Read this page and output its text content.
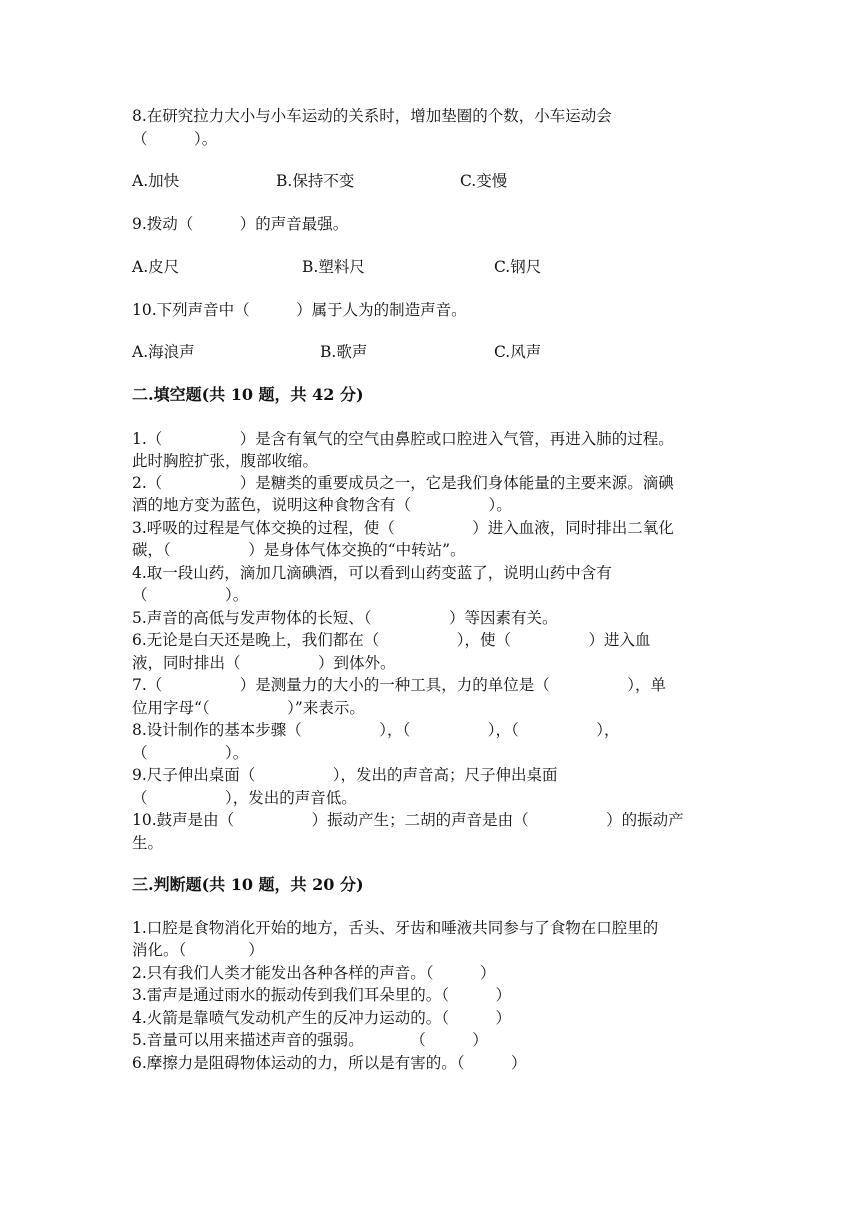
8.在研究拉力大小与小车运动的关系时，增加垫圈的个数，小车运动会
（　　　）。
A.加快	B.保持不变	C.变慢
9.拨动（　　　）的声音最强。
A.皮尺	B.塑料尺	C.钢尺
10.下列声音中（　　　）属于人为的制造声音。
A.海浪声	B.歌声	C.风声
二.填空题(共 10 题，共 42 分)
1.（　　　　　）是含有氧气的空气由鼻腔或口腔进入气管，再进入肺的过程。
此时胸腔扩张，腹部收缩。
2.（　　　　　）是糖类的重要成员之一，它是我们身体能量的主要来源。滴碘
酒的地方变为蓝色，说明这种食物含有（　　　　　）。
3.呼吸的过程是气体交换的过程，使（　　　　　）进入血液，同时排出二氧化
碳，（　　　　　）是身体气体交换的“中转站”。
4.取一段山药，滴加几滴碘酒，可以看到山药变蓝了，说明山药中含有
（　　　　　）。
5.声音的高低与发声物体的长短、（　　　　　）等因素有关。
6.无论是白天还是晚上，我们都在（　　　　　），使（　　　　　）进入血
液，同时排出（　　　　　）到体外。
7.（　　　　　）是测量力的大小的一种工具，力的单位是（　　　　　），单
位用字母“（　　　　　）”来表示。
8.设计制作的基本步骤（　　　　　），（　　　　　），（　　　　　），
（　　　　　）。
9.尺子伸出桌面（　　　　　），发出的声音高；尺子伸出桌面
（　　　　　），发出的声音低。
10.鼓声是由（　　　　　）振动产生；二胡的声音是由（　　　　　）的振动产
生。
三.判断题(共 10 题，共 20 分)
1.口腔是食物消化开始的地方，舌头、牙齿和唾液共同参与了食物在口腔里的
消化。（　　　　）
2.只有我们人类才能发出各种各样的声音。（　　　）
3.雷声是通过雨水的振动传到我们耳朵里的。（　　　）
4.火箭是靠喷气发动机产生的反冲力运动的。（　　　）
5.音量可以用来描述声音的强弱。　　　　（　　　）
6.摩擦力是阻碍物体运动的力，所以是有害的。（　　　）
